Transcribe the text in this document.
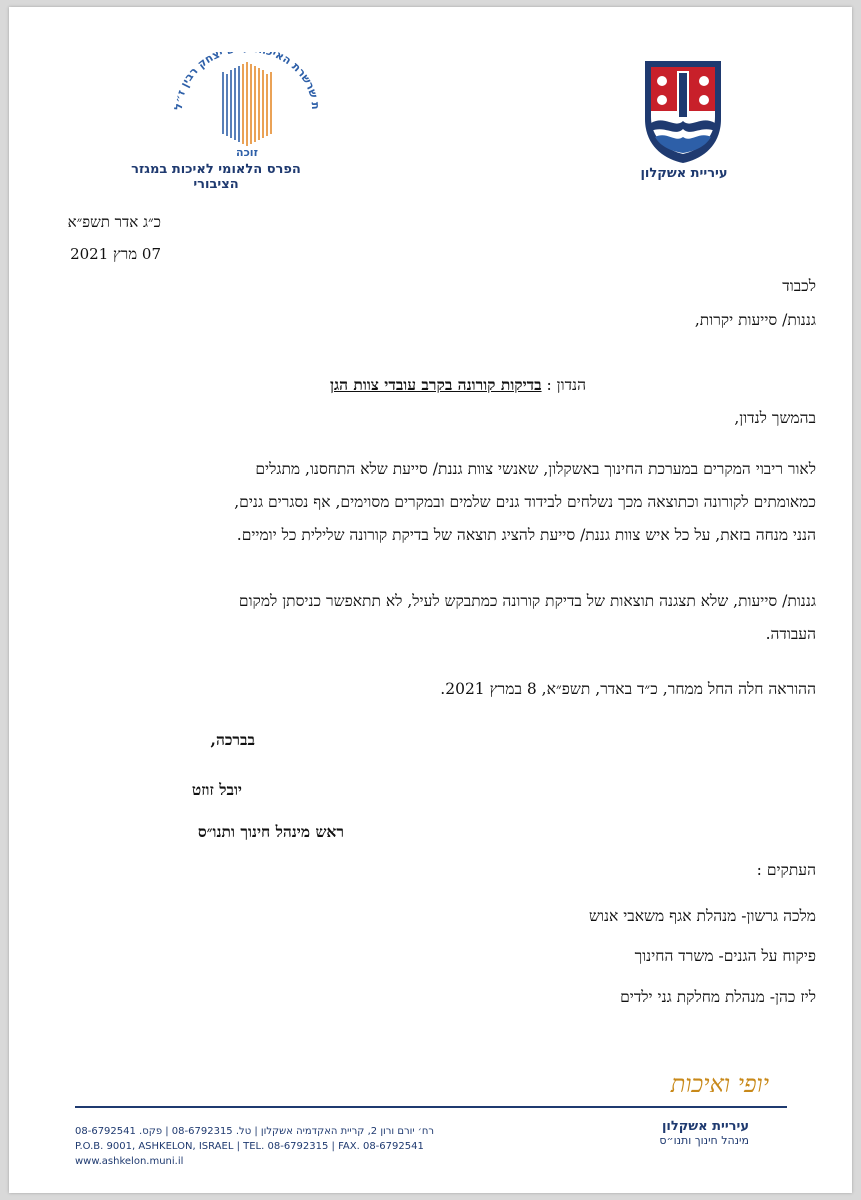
ת שרשרת האי יצחק רבין ז״ל
זוכה
הפרס הלאומי לאיכות במגזר הציבורי
עיריית אשקלון
כ״ג אדר תשפ״א
07 מרץ 2021
לכבוד
גננות/ סייעות יקרות,
הנדון : בדיקות קורונה בקרב עובדי צוות הגן
בהמשך לנדון,
לאור ריבוי המקרים במערכת החינוך באשקלון, שאנשי צוות גננת/ סייעת שלא התחסנו, מתגלים
כמאומתים לקורונה וכתוצאה מכך נשלחים לבידוד גנים שלמים ובמקרים מסוימים, אף נסגרים גנים,
הנני מנחה בזאת, על כל איש צוות גננת/ סייעת להציג תוצאה של בדיקת קורונה שלילית כל יומיים.
גננות/ סייעות, שלא תצגנה תוצאות של בדיקת קורונה כמתבקש לעיל, לא תתאפשר כניסתן למקום
העבודה.
ההוראה חלה החל ממחר, כ״ד באדר, תשפ״א, 8 במרץ 2021.
בברכה,
יובל זוזט
ראש מינהל חינוך ותנו״ס
העתקים :
מלכה גרשון- מנהלת אגף משאבי אנוש
פיקוח על הגנים- משרד החינוך
ליז כהן- מנהלת מחלקת גני ילדים
יופי ואיכות
רח׳ יורם ורון 2, קריית האקדמיה אשקלון | טל. 08-6792315 | פקס. 08-6792541
P.O.B. 9001, ASHKELON, ISRAEL | TEL. 08-6792315 | FAX. 08-6792541
www.ashkelon.muni.il
עיריית אשקלון
מינהל חינוך ותנו״ס
